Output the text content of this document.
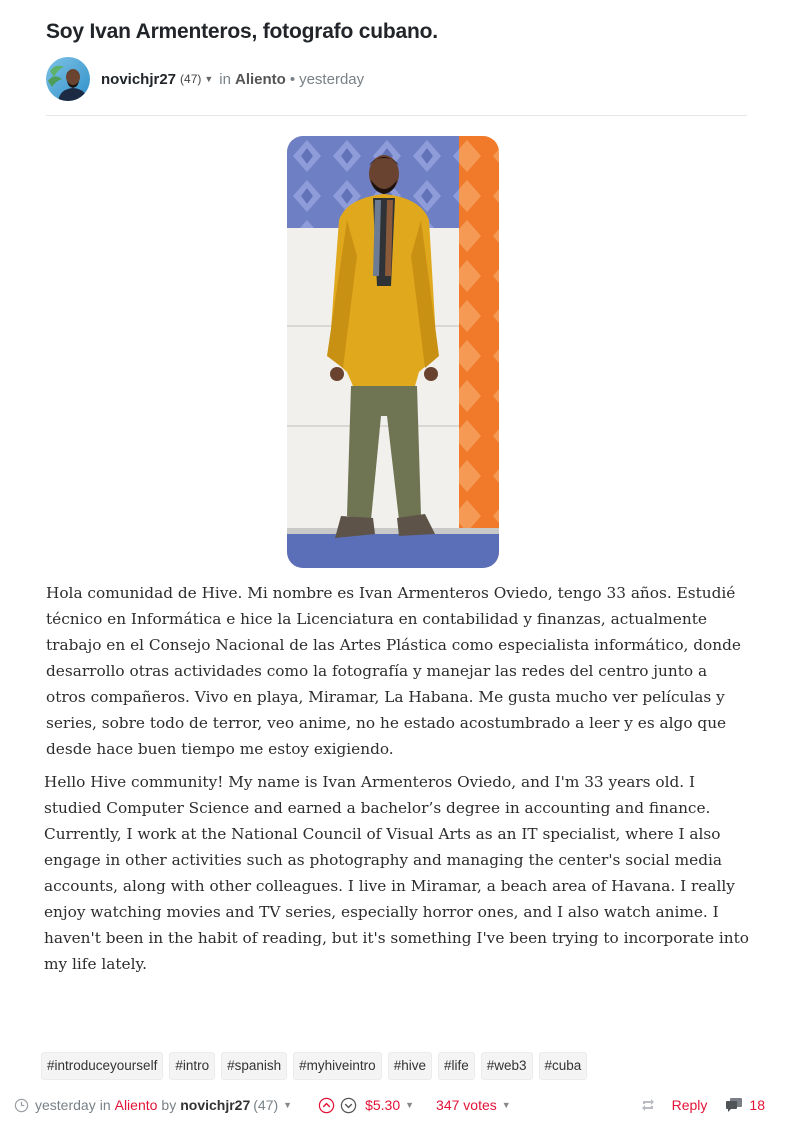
Soy Ivan Armenteros, fotografo cubano.
novichjr27 (47) ▼ in Aliento • yesterday

Hola comunidad de Hive. Mi nombre es Ivan Armenteros Oviedo, tengo 33 años. Estudié técnico en Informática e hice la Licenciatura en contabilidad y finanzas, actualmente trabajo en el Consejo Nacional de las Artes Plástica como especialista informático, donde desarrollo otras actividades como la fotografía y manejar las redes del centro junto a otros compañeros. Vivo en playa, Miramar, La Habana. Me gusta mucho ver películas y series, sobre todo de terror, veo anime, no he estado acostumbrado a leer y es algo que desde hace buen tiempo me estoy exigiendo.

Hello Hive community! My name is Ivan Armenteros Oviedo, and I'm 33 years old. I studied Computer Science and earned a bachelor’s degree in accounting and finance. Currently, I work at the National Council of Visual Arts as an IT specialist, where I also engage in other activities such as photography and managing the center's social media accounts, along with other colleagues. I live in Miramar, a beach area of Havana. I really enjoy watching movies and TV series, especially horror ones, and I also watch anime. I haven't been in the habit of reading, but it's something I've been trying to incorporate into my life lately.

#introduceyourself	#intro	#spanish	#myhiveintro	#hive	#life	#web3	#cuba
yesterday in Aliento by novichjr27 (47) ▼	$5.30 ▼ 347 votes ▼	Reply	18
